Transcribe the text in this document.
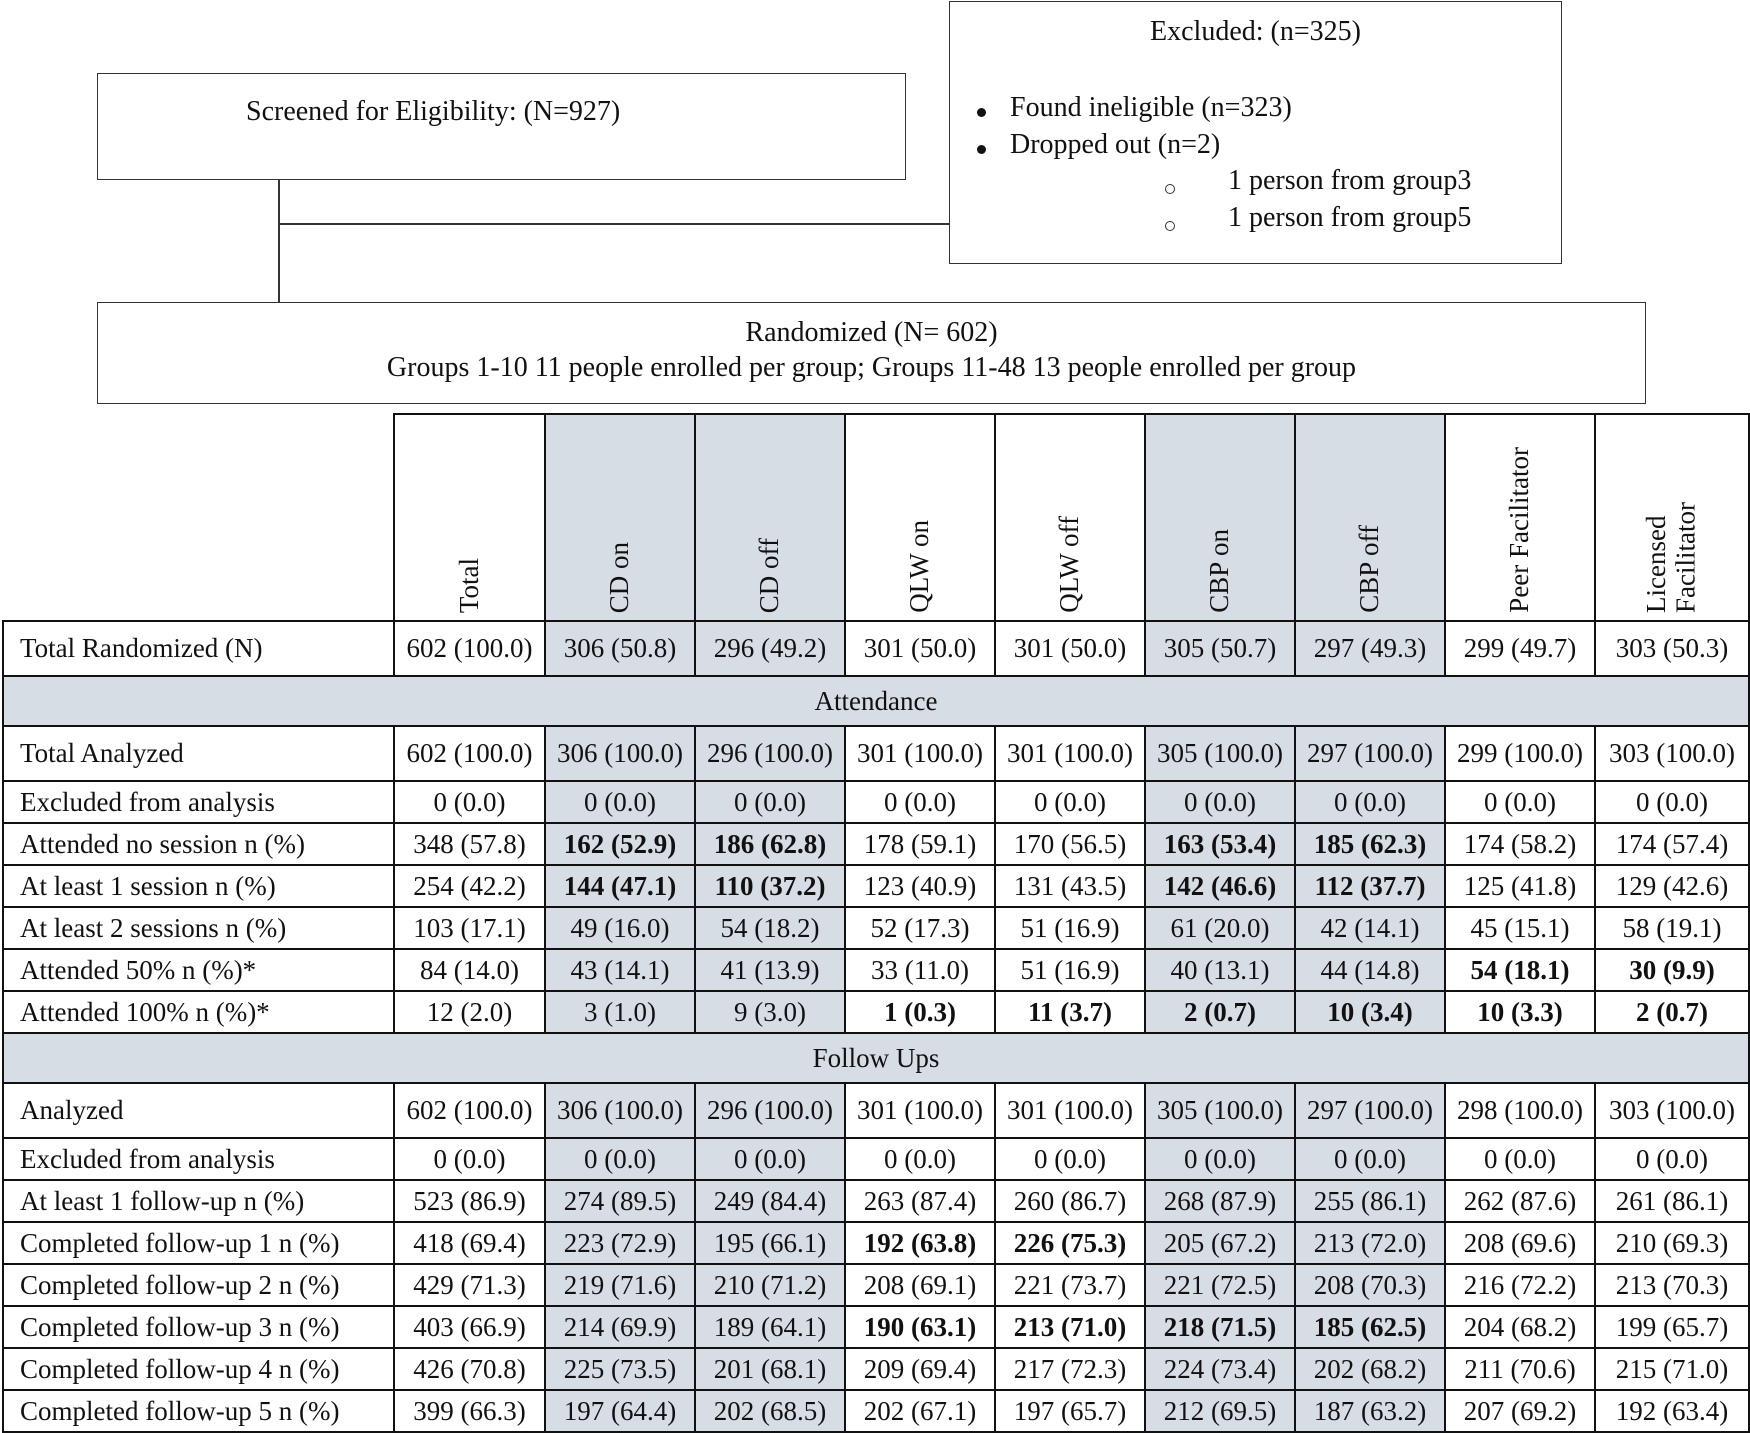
Screened for Eligibility: (N=927)
Excluded: (n=325)
Found ineligible (n=323)
Dropped out (n=2)
1 person from group3
1 person from group5
Randomized (N= 602)
Groups 1-10 11 people enrolled per group; Groups 11-48 13 people enrolled per group
	Total	CD on	CD off	QLW on	QLW off	CBP on	CBP off	Peer Facilitator	Licensed Facilitator

Total Randomized (N)	602 (100.0)	306 (50.8)	296 (49.2)	301 (50.0)	301 (50.0)	305 (50.7)	297 (49.3)	299 (49.7)	303 (50.3)
Attendance									
Total Analyzed	602 (100.0)	306 (100.0)	296 (100.0)	301 (100.0)	301 (100.0)	305 (100.0)	297 (100.0)	299 (100.0)	303 (100.0)
Excluded from analysis	0 (0.0)	0 (0.0)	0 (0.0)	0 (0.0)	0 (0.0)	0 (0.0)	0 (0.0)	0 (0.0)	0 (0.0)
Attended no session n (%)	348 (57.8)	162 (52.9)	186 (62.8)	178 (59.1)	170 (56.5)	163 (53.4)	185 (62.3)	174 (58.2)	174 (57.4)
At least 1 session n (%)	254 (42.2)	144 (47.1)	110 (37.2)	123 (40.9)	131 (43.5)	142 (46.6)	112 (37.7)	125 (41.8)	129 (42.6)
At least 2 sessions n (%)	103 (17.1)	49 (16.0)	54 (18.2)	52 (17.3)	51 (16.9)	61 (20.0)	42 (14.1)	45 (15.1)	58 (19.1)
Attended 50% n (%)*	84 (14.0)	43 (14.1)	41 (13.9)	33 (11.0)	51 (16.9)	40 (13.1)	44 (14.8)	54 (18.1)	30 (9.9)
Attended 100% n (%)*	12 (2.0)	3 (1.0)	9 (3.0)	1 (0.3)	11 (3.7)	2 (0.7)	10 (3.4)	10 (3.3)	2 (0.7)
Follow Ups									
Analyzed	602 (100.0)	306 (100.0)	296 (100.0)	301 (100.0)	301 (100.0)	305 (100.0)	297 (100.0)	298 (100.0)	303 (100.0)
Excluded from analysis	0 (0.0)	0 (0.0)	0 (0.0)	0 (0.0)	0 (0.0)	0 (0.0)	0 (0.0)	0 (0.0)	0 (0.0)
At least 1 follow-up n (%)	523 (86.9)	274 (89.5)	249 (84.4)	263 (87.4)	260 (86.7)	268 (87.9)	255 (86.1)	262 (87.6)	261 (86.1)
Completed follow-up 1 n (%)	418 (69.4)	223 (72.9)	195 (66.1)	192 (63.8)	226 (75.3)	205 (67.2)	213 (72.0)	208 (69.6)	210 (69.3)
Completed follow-up 2 n (%)	429 (71.3)	219 (71.6)	210 (71.2)	208 (69.1)	221 (73.7)	221 (72.5)	208 (70.3)	216 (72.2)	213 (70.3)
Completed follow-up 3 n (%)	403 (66.9)	214 (69.9)	189 (64.1)	190 (63.1)	213 (71.0)	218 (71.5)	185 (62.5)	204 (68.2)	199 (65.7)
Completed follow-up 4 n (%)	426 (70.8)	225 (73.5)	201 (68.1)	209 (69.4)	217 (72.3)	224 (73.4)	202 (68.2)	211 (70.6)	215 (71.0)
Completed follow-up 5 n (%)	399 (66.3)	197 (64.4)	202 (68.5)	202 (67.1)	197 (65.7)	212 (69.5)	187 (63.2)	207 (69.2)	192 (63.4)
